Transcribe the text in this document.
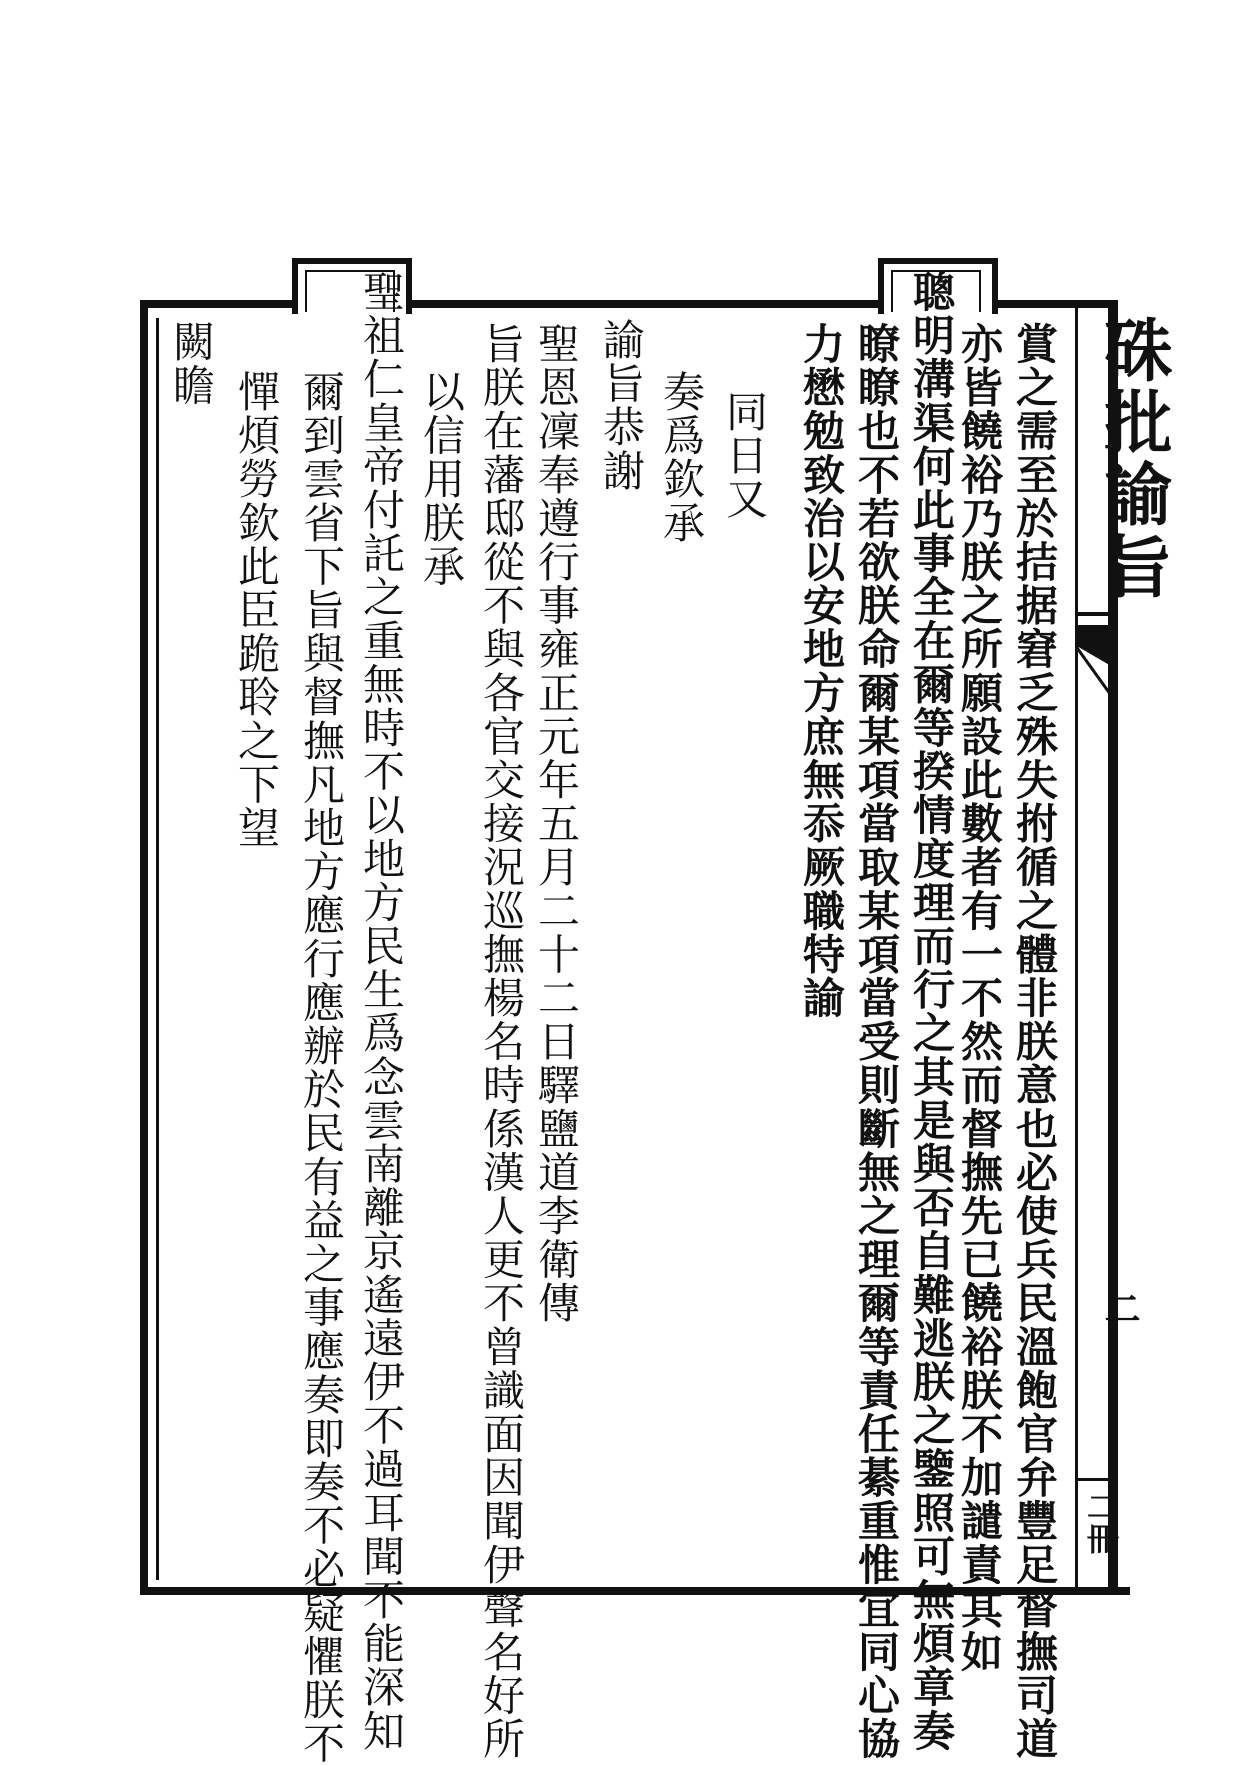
硃批諭旨
二
二冊
賞之需至於拮据窘乏殊失拊循之體非朕意也必使兵民溫飽官弁豐足督撫司道
亦皆饒裕乃朕之所願設此數者有一不然而督撫先已饒裕朕不加譴責其如
聰明溝渠何此事全在爾等揆情度理而行之其是與否自難逃朕之鑒照可無煩章奏
瞭瞭也不若欲朕命爾某項當取某項當受則斷無之理爾等責任綦重惟宜同心協
力懋勉致治以安地方庶無忝厥職特諭
同日又
奏爲欽承
諭旨恭謝
聖恩凜奉遵行事雍正元年五月二十二日驛鹽道李衛傳
旨朕在藩邸從不與各官交接況巡撫楊名時係漢人更不曾識面因聞伊聲名好所
以信用朕承
聖祖仁皇帝付託之重無時不以地方民生爲念雲南離京遙遠伊不過耳聞不能深知
爾到雲省下旨與督撫凡地方應行應辦於民有益之事應奏即奏不必疑懼朕不
憚煩勞欽此臣跪聆之下望
闕瞻
